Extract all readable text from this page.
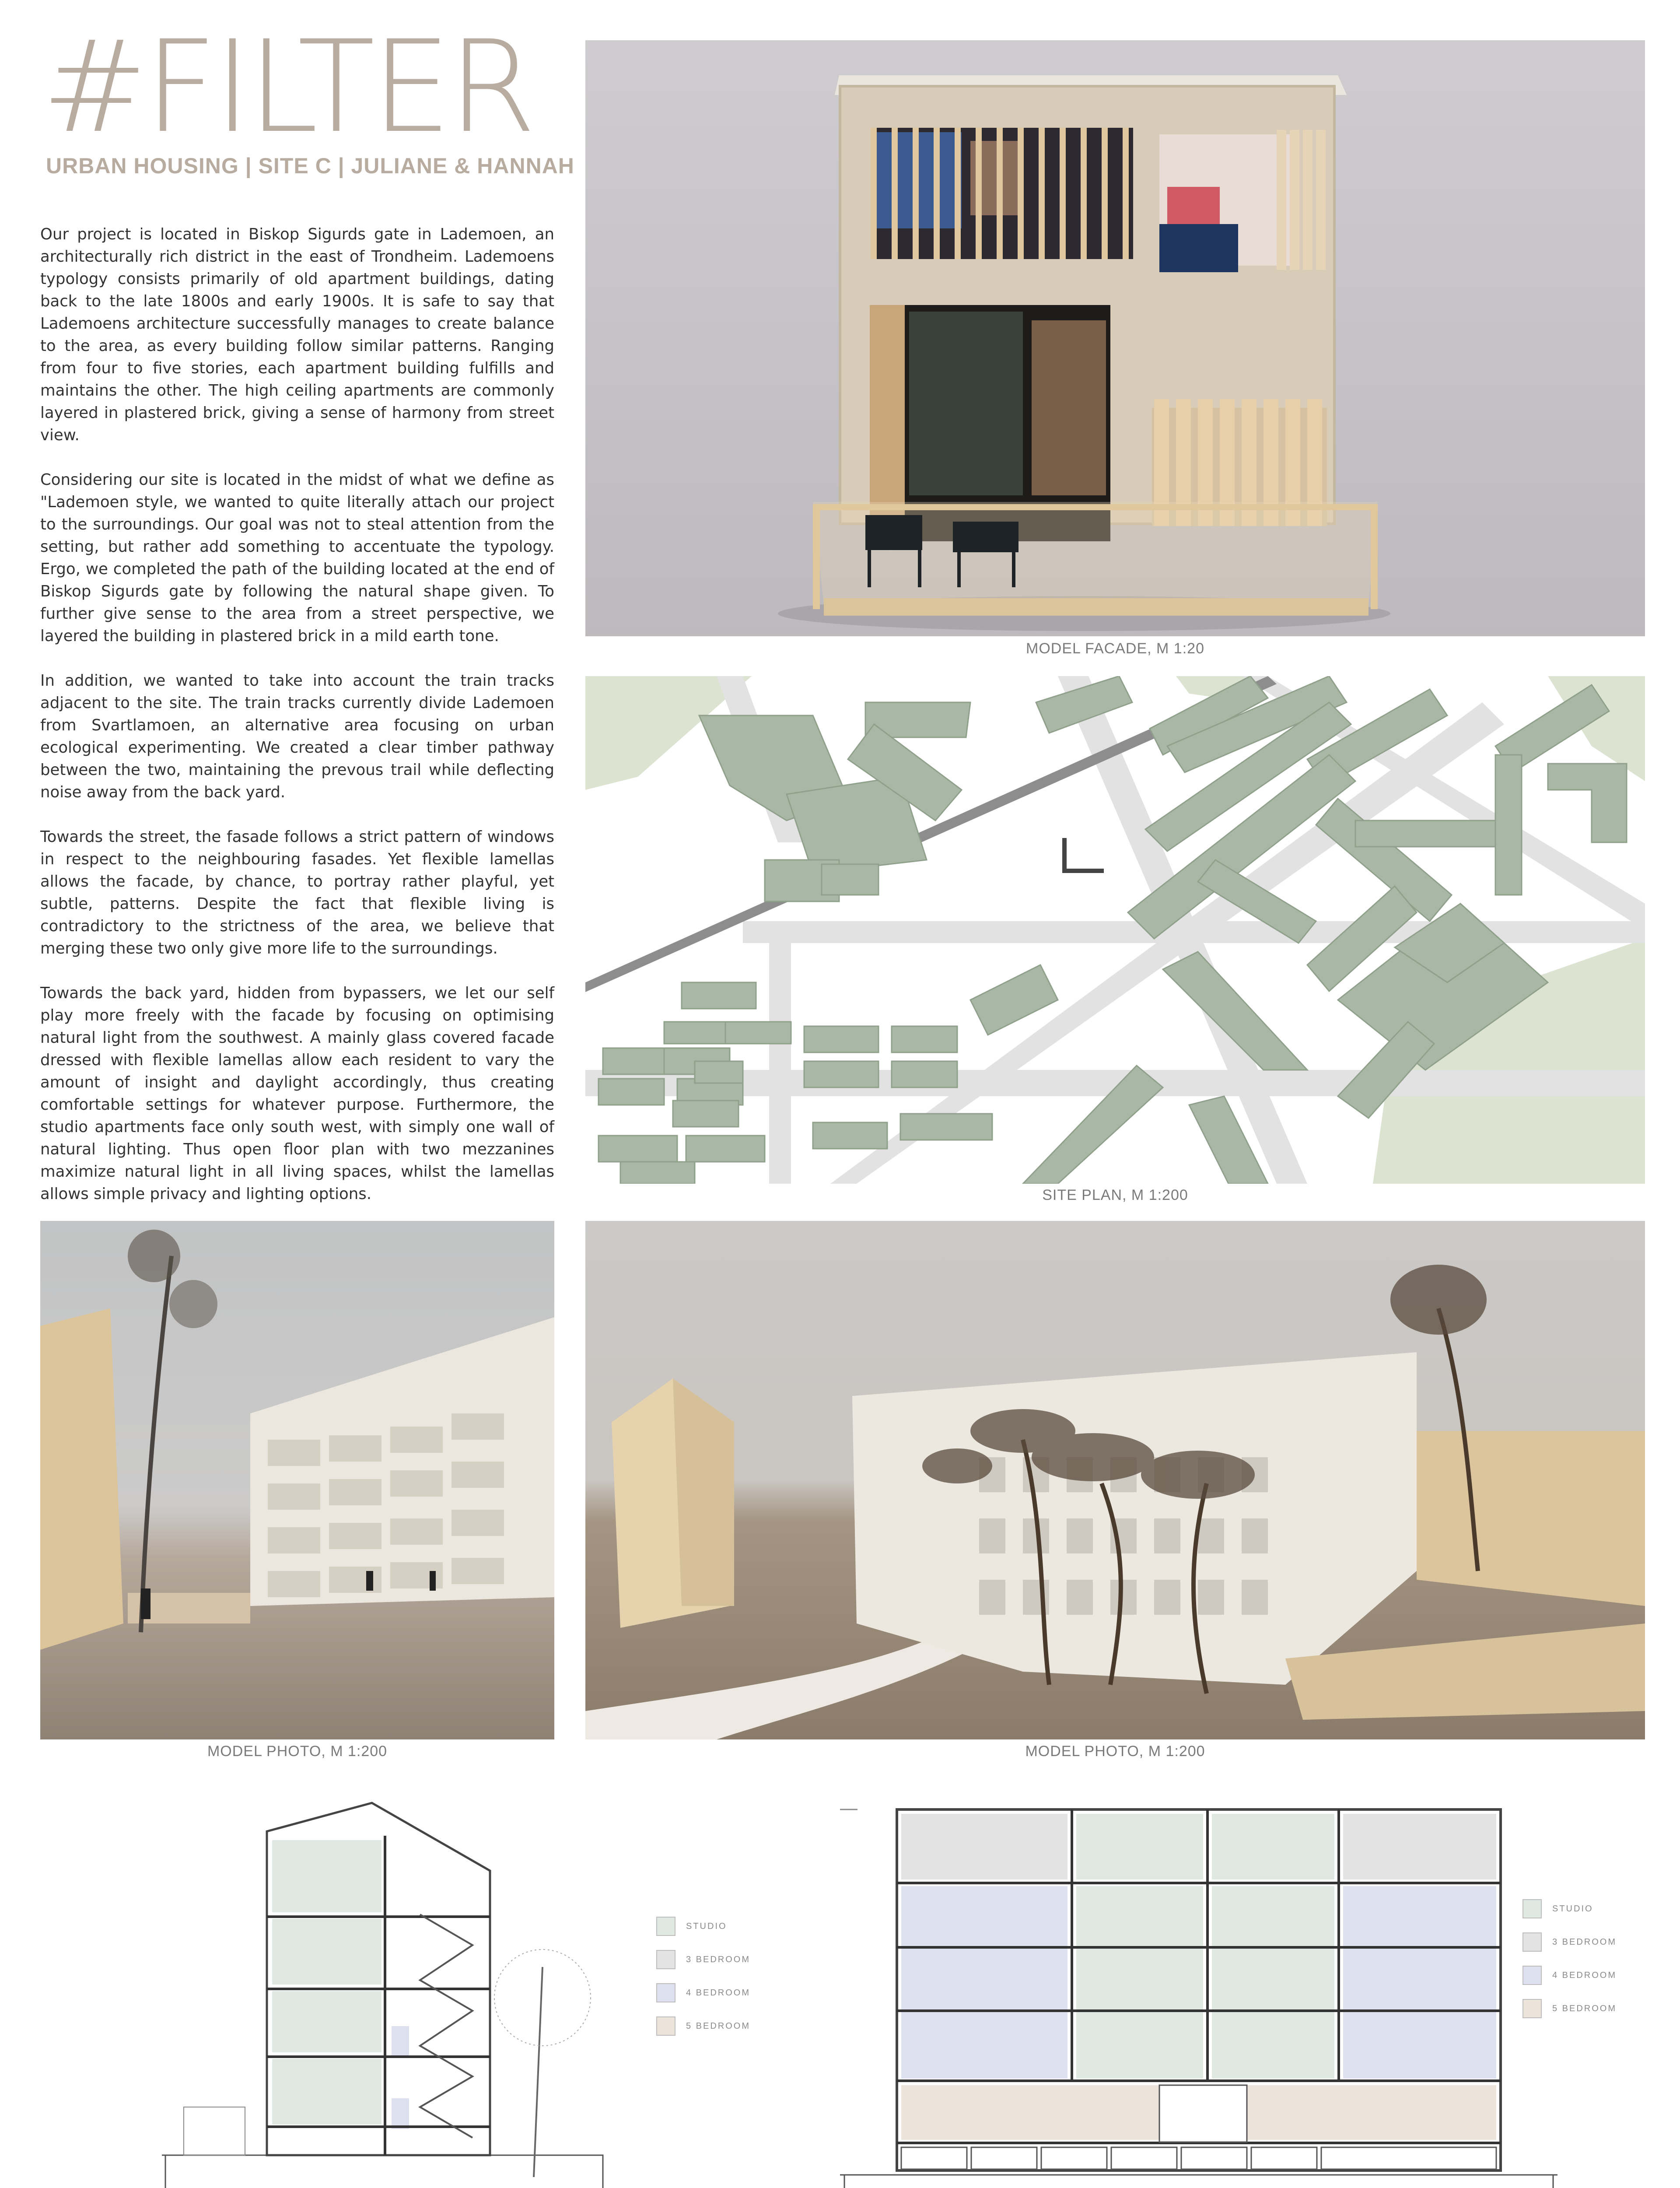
#FILTER
URBAN HOUSING | SITE C | JULIANE & HANNAH

Our project is located in Biskop Sigurds gate in Lademoen, an architecturally rich district in the east of Trondheim. Lademoens typology consists primarily of old apartment buildings, dating back to the late 1800s and early 1900s. It is safe to say that Lademoens architecture successfully manages to create balance to the area, as every building follow similar patterns. Ranging from four to five stories, each apartment building fulfills and maintains the other. The high ceiling apartments are commonly layered in plastered brick, giving a sense of harmony from street view.

Considering our site is located in the midst of what we define as "Lademoen style, we wanted to quite literally attach our project to the surroundings. Our goal was not to steal attention from the setting, but rather add something to accentuate the typology. Ergo, we completed the path of the building located at the end of Biskop Sigurds gate by following the natural shape given. To further give sense to the area from a street perspective, we layered the building in plastered brick in a mild earth tone.

In addition, we wanted to take into account the train tracks adjacent to the site. The train tracks currently divide Lademoen from Svartlamoen, an alternative area focusing on urban ecological experimenting. We created a clear timber pathway between the two, maintaining the prevous trail while deflecting noise away from the back yard.

Towards the street, the fasade follows a strict pattern of windows in respect to the neighbouring fasades. Yet flexible lamellas allows the facade, by chance, to portray rather playful, yet subtle, patterns. Despite the fact that flexible living is contradictory to the strictness of the area, we believe that merging these two only give more life to the surroundings.

Towards the back yard, hidden from bypassers, we let our self play more freely with the facade by focusing on optimising natural light from the southwest. A mainly glass covered facade dressed with flexible lamellas allow each resident to vary the amount of insight and daylight accordingly, thus creating comfortable settings for whatever purpose. Furthermore, the studio apartments face only south west, with simply one wall of natural lighting. Thus open floor plan with two mezzanines maximize natural light in all living spaces, whilst the lamellas allows simple privacy and lighting options.

MODEL FACADE, M 1:20
SITE PLAN, M 1:200
MODEL PHOTO, M 1:200	MODEL PHOTO, M 1:200
STUDIO
3 BEDROOM
4 BEDROOM
5 BEDROOM
STUDIO
3 BEDROOM
4 BEDROOM
5 BEDROOM
